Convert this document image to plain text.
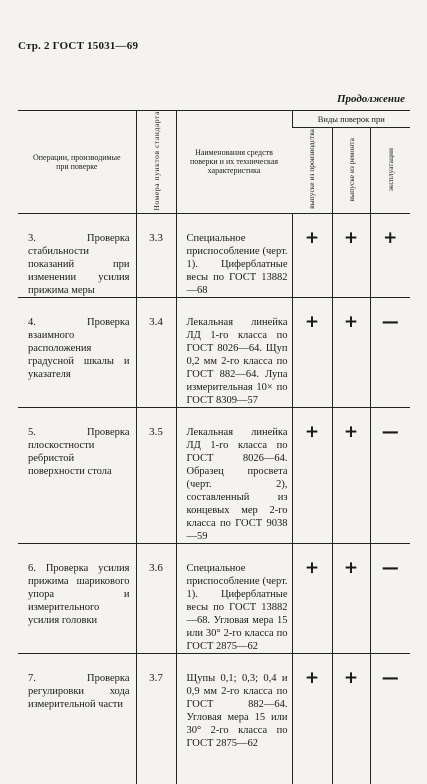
Стр. 2 ГОСТ 15031—69
Продолжение
Операции, производимые при поверке	Номера пунктов стандарта	Наименования средств поверки и их техническая характеристика	Виды поверок при		
			выпуске из производства	выпуске из ремонта	эксплуатации
3. Проверка стабильности показаний при изменении усилия прижима меры	3.3	Специальное приспособление (черт. 1). Циферблатные весы по ГОСТ 13882—68	+	+	+
4. Проверка взаимного расположения градусной шкалы и указателя	3.4	Лекальная линейка ЛД 1-го класса по ГОСТ 8026—64. Щуп 0,2 мм 2-го класса по ГОСТ 882—64. Лупа измерительная 10× по ГОСТ 8309—57	+	+	—
5. Проверка плоскостности ребристой поверхности стола	3.5	Лекальная линейка ЛД 1-го класса по ГОСТ 8026—64. Образец просвета (черт. 2), составленный из концевых мер 2-го класса по ГОСТ 9038—59	+	+	—
6. Проверка усилия прижима шарикового упора и измерительного усилия головки	3.6	Специальное приспособление (черт. 1). Циферблатные весы по ГОСТ 13882—68. Угловая мера 15 или 30° 2-го класса по ГОСТ 2875—62	+	+	—
7. Проверка регулировки хода измерительной части	3.7	Щупы 0,1; 0,3; 0,4 и 0,9 мм 2-го класса по ГОСТ 882—64. Угловая мера 15 или 30° 2-го класса по ГОСТ 2875—62	+	+	—
